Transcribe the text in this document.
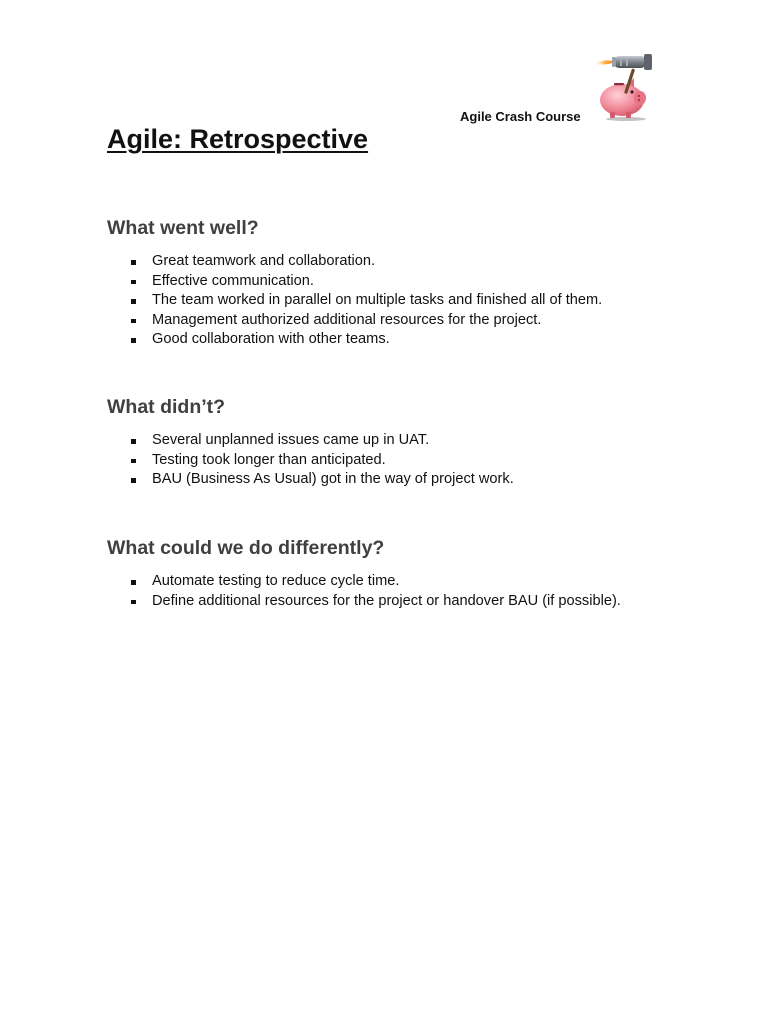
Agile Crash Course
Agile: Retrospective
What went well?
Great teamwork and collaboration.
Effective communication.
The team worked in parallel on multiple tasks and finished all of them.
Management authorized additional resources for the project.
Good collaboration with other teams.
What didn’t?
Several unplanned issues came up in UAT.
Testing took longer than anticipated.
BAU (Business As Usual) got in the way of project work.
What could we do differently?
Automate testing to reduce cycle time.
Define additional resources for the project or handover BAU (if possible).
